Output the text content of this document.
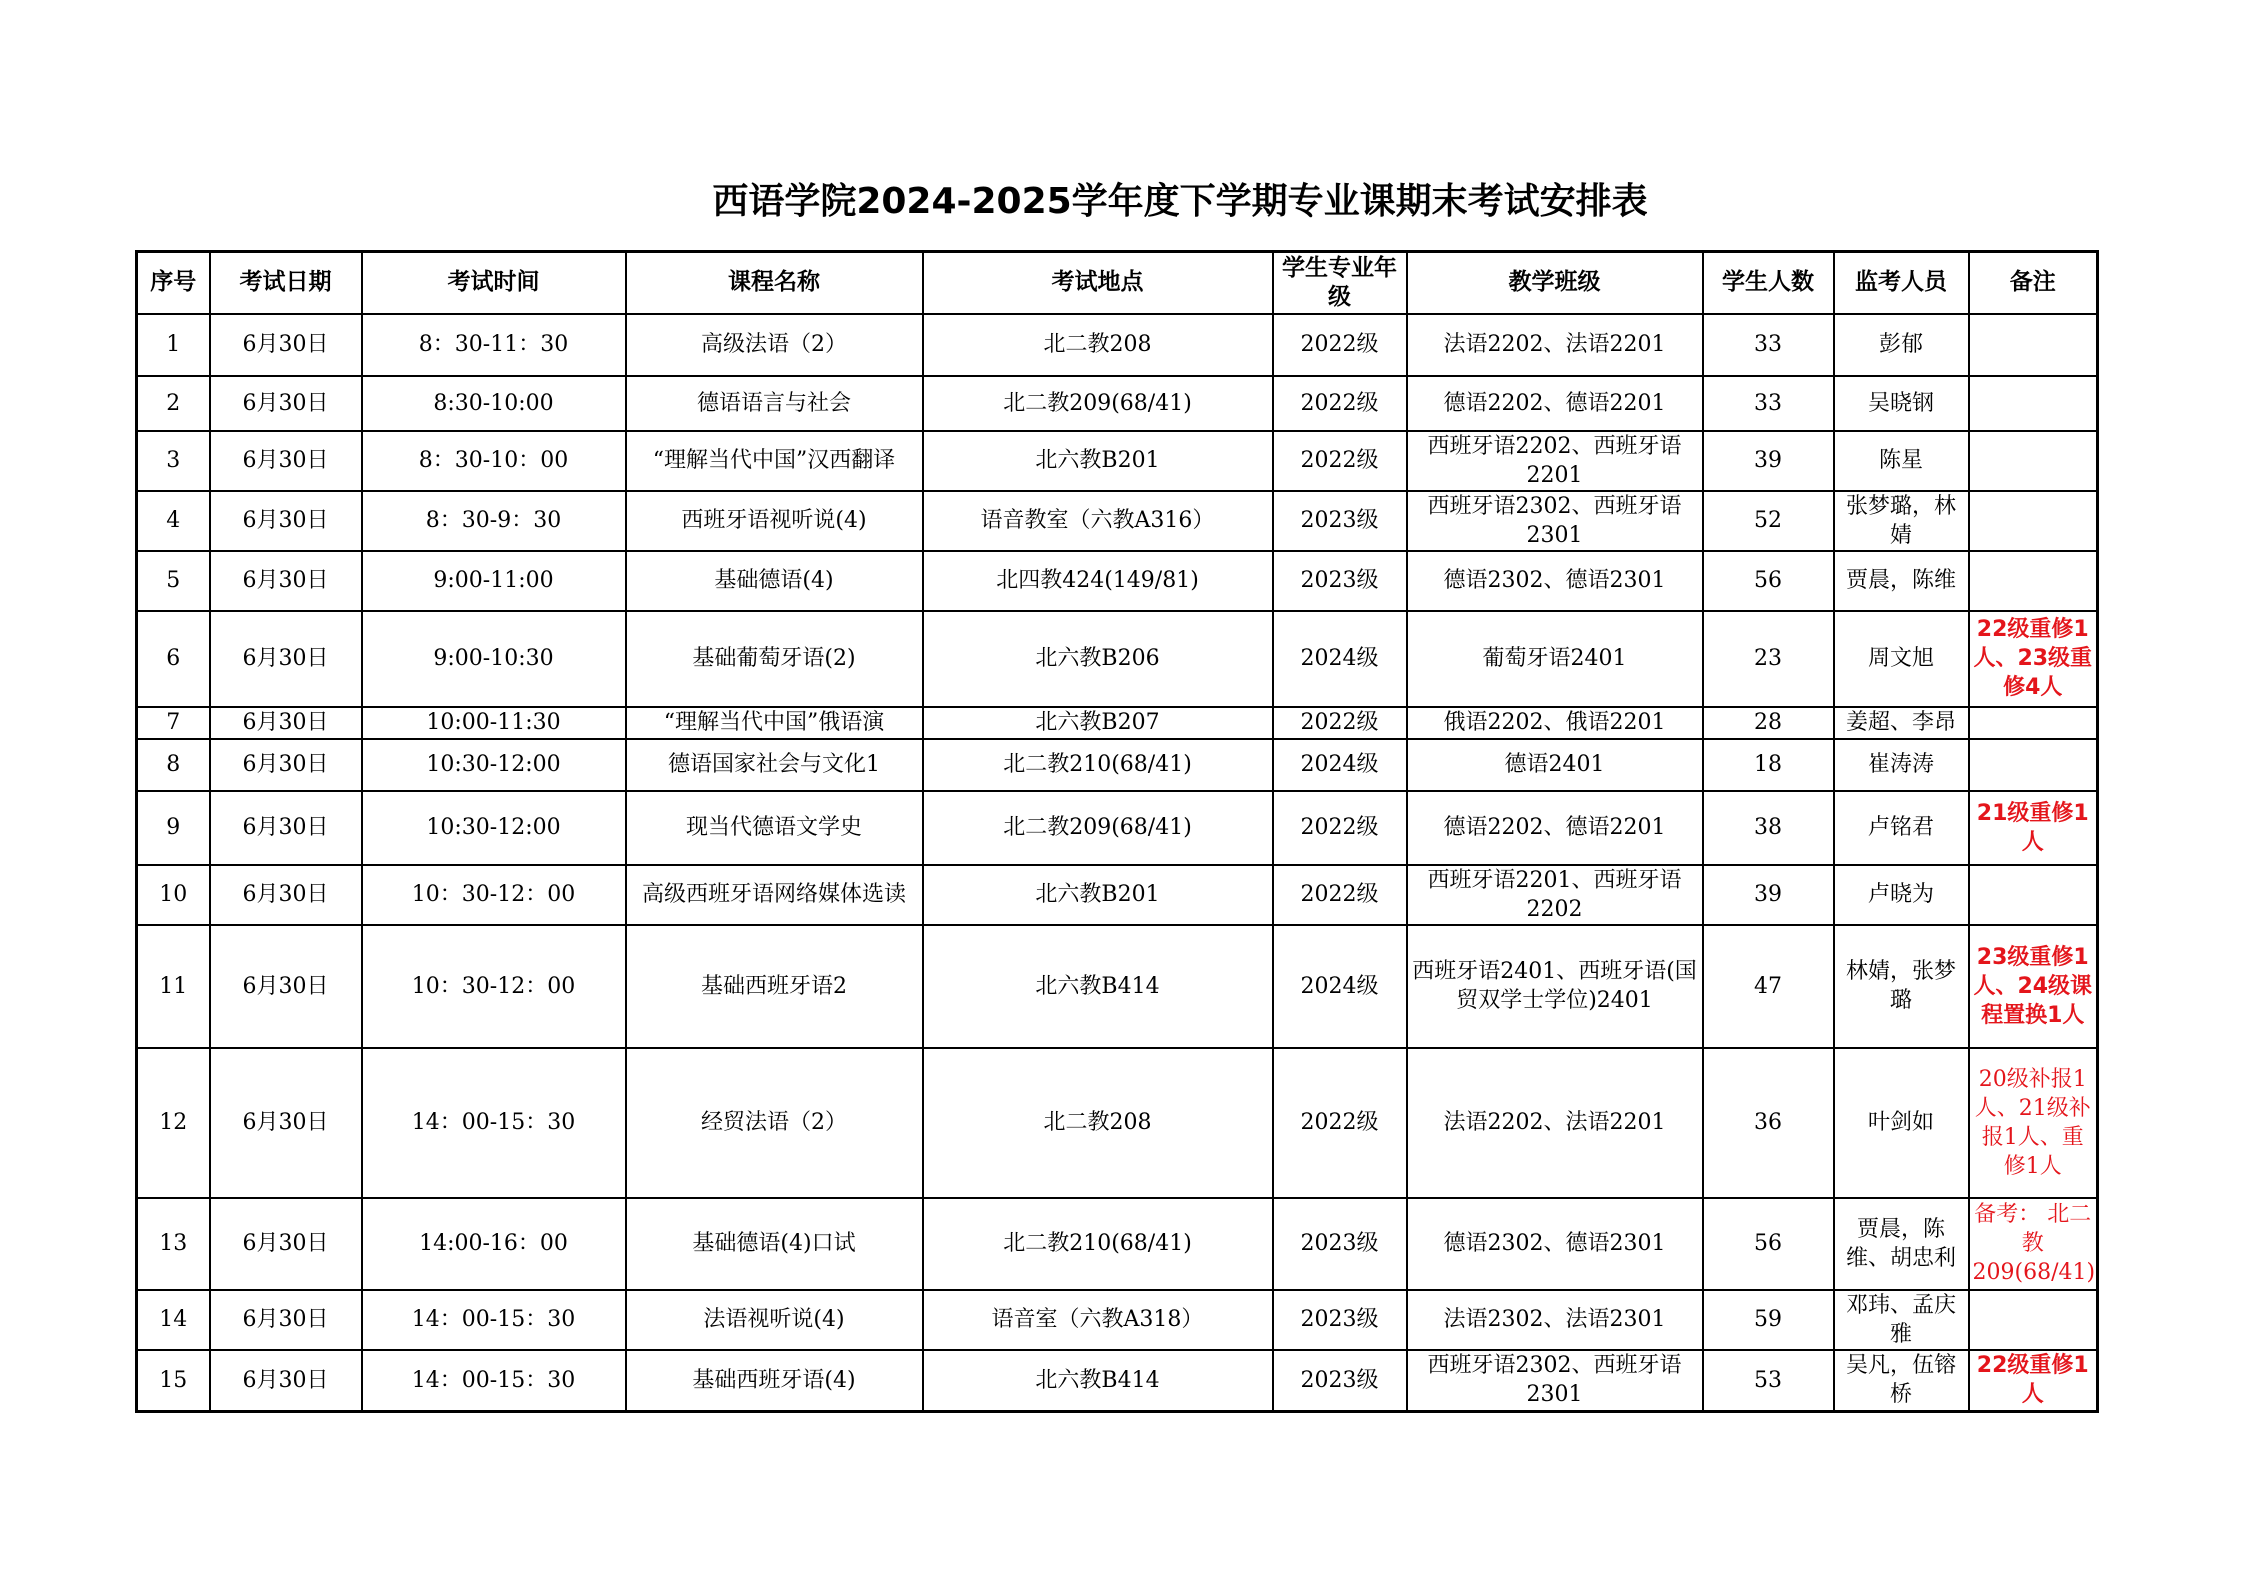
西语学院2024-2025学年度下学期专业课期末考试安排表
序号	考试日期	考试时间	课程名称	考试地点	学生专业年级	教学班级	学生人数	监考人员	备注
1	6月30日	8：30-11：30	高级法语（2）	北二教208	2022级	法语2202、法语2201	33	彭郁	
2	6月30日	8:30-10:00	德语语言与社会	北二教209(68/41)	2022级	德语2202、德语2201	33	吴晓钢	
3	6月30日	8：30-10：00	“理解当代中国”汉西翻译	北六教B201	2022级	西班牙语2202、西班牙语2201	39	陈星	
4	6月30日	8：30-9：30	西班牙语视听说(4)	语音教室（六教A316）	2023级	西班牙语2302、西班牙语2301	52	张梦璐，林婧	
5	6月30日	9:00-11:00	基础德语(4)	北四教424(149/81)	2023级	德语2302、德语2301	56	贾晨，陈维	
6	6月30日	9:00-10:30	基础葡萄牙语(2)	北六教B206	2024级	葡萄牙语2401	23	周文旭	22级重修1人、23级重修4人
7	6月30日	10:00-11:30	“理解当代中国”俄语演	北六教B207	2022级	俄语2202、俄语2201	28	姜超、李昂	
8	6月30日	10:30-12:00	德语国家社会与文化1	北二教210(68/41)	2024级	德语2401	18	崔涛涛	
9	6月30日	10:30-12:00	现当代德语文学史	北二教209(68/41)	2022级	德语2202、德语2201	38	卢铭君	21级重修1人
10	6月30日	10：30-12：00	高级西班牙语网络媒体选读	北六教B201	2022级	西班牙语2201、西班牙语2202	39	卢晓为	
11	6月30日	10：30-12：00	基础西班牙语2	北六教B414	2024级	西班牙语2401、西班牙语(国贸双学士学位)2401	47	林婧，张梦璐	23级重修1人、24级课程置换1人
12	6月30日	14：00-15：30	经贸法语（2）	北二教208	2022级	法语2202、法语2201	36	叶剑如	20级补报1人、21级补报1人、重修1人
13	6月30日	14:00-16：00	基础德语(4)口试	北二教210(68/41)	2023级	德语2302、德语2301	56	贾晨，陈维、胡忠利	备考： 北二教209(68/41)
14	6月30日	14：00-15：30	法语视听说(4)	语音室（六教A318）	2023级	法语2302、法语2301	59	邓玮、孟庆雅	
15	6月30日	14：00-15：30	基础西班牙语(4)	北六教B414	2023级	西班牙语2302、西班牙语2301	53	吴凡，伍镕桥	22级重修1人
